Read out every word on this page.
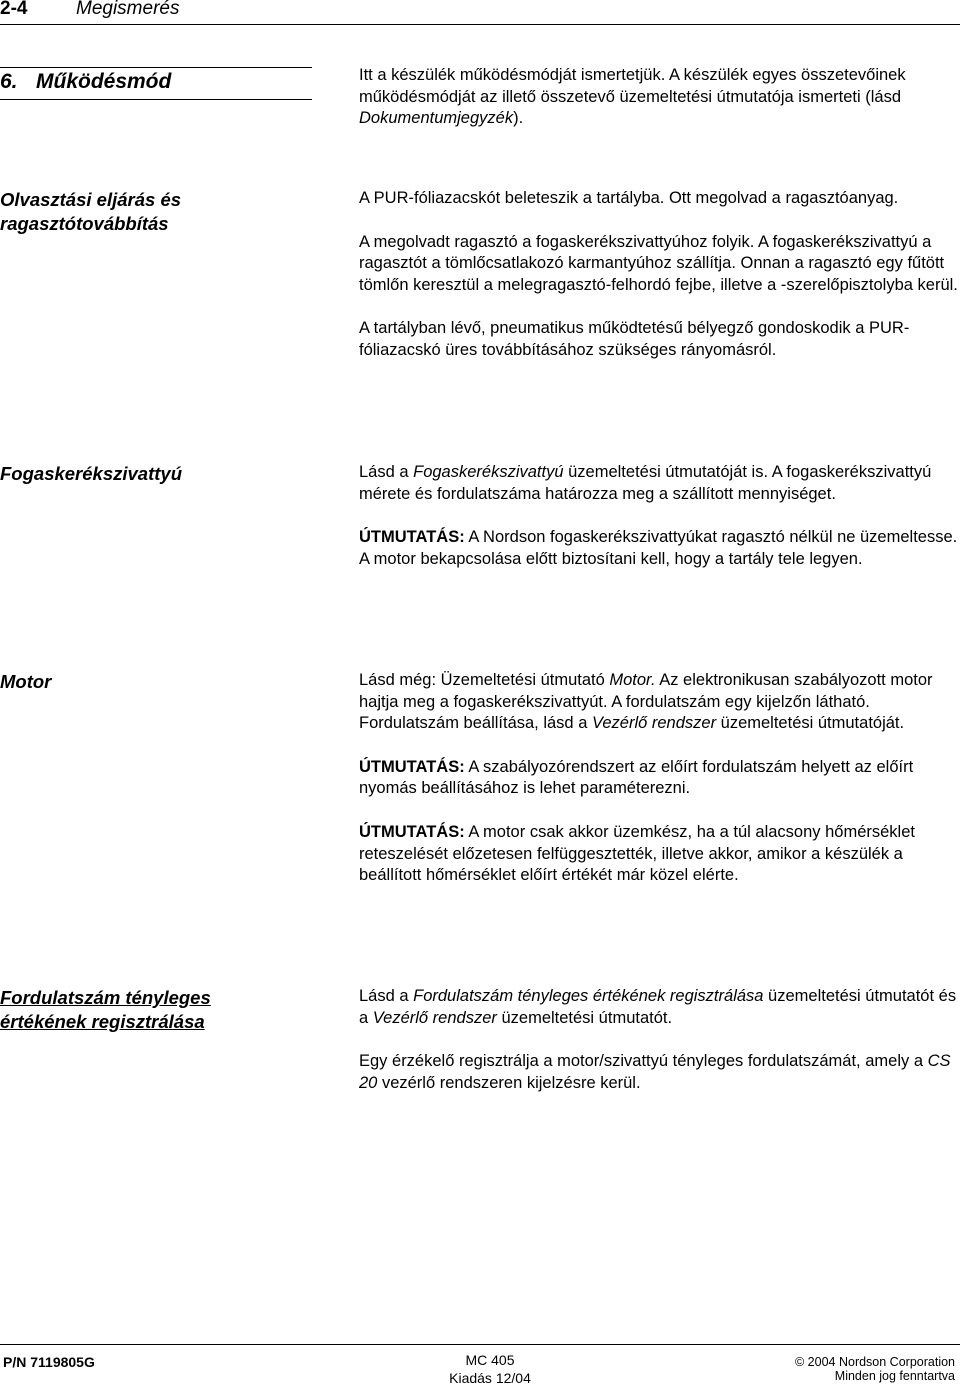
2-4	Megismerés
6. Működésmód	Itt a készülék működésmódját ismertetjük. A készülék egyes összetevőinek működésmódját az illető összetevő üzemeltetési útmutatója ismerteti (lásd Dokumentumjegyzék).

Olvasztási eljárás és
ragasztótovábbítás

A PUR-fóliazacskót beleteszik a tartályba. Ott megolvad a ragasztóanyag.

A megolvadt ragasztó a fogaskerékszivattyúhoz folyik. A fogaskerékszivattyú a ragasztót a tömlőcsatlakozó karmantyúhoz szállítja. Onnan a ragasztó egy fűtött tömlőn keresztül a melegragasztó-felhordó fejbe, illetve a -szerelőpisztolyba kerül.

A tartályban lévő, pneumatikus működtetésű bélyegző gondoskodik a PUR-fóliazacskó üres továbbításához szükséges rányomásról.

Fogaskerékszivattyú	Lásd a Fogaskerékszivattyú üzemeltetési útmutatóját is. A fogaskerékszivattyú mérete és fordulatszáma határozza meg a szállított mennyiséget.

ÚTMUTATÁS: A Nordson fogaskerékszivattyúkat ragasztó nélkül ne üzemeltesse. A motor bekapcsolása előtt biztosítani kell, hogy a tartály tele legyen.

Motor	Lásd még: Üzemeltetési útmutató Motor. Az elektronikusan szabályozott motor hajtja meg a fogaskerékszivattyút. A fordulatszám egy kijelzőn látható. Fordulatszám beállítása, lásd a Vezérlő rendszer üzemeltetési útmutatóját.

ÚTMUTATÁS: A szabályozórendszert az előírt fordulatszám helyett az előírt nyomás beállításához is lehet paraméterezni.

ÚTMUTATÁS: A motor csak akkor üzemkész, ha a túl alacsony hőmérséklet reteszelését előzetesen felfüggesztették, illetve akkor, amikor a készülék a beállított hőmérséklet előírt értékét már közel elérte.

Fordulatszám tényleges
értékének regisztrálása

Lásd a Fordulatszám tényleges értékének regisztrálása üzemeltetési útmutatót és a Vezérlő rendszer üzemeltetési útmutatót.

Egy érzékelő regisztrálja a motor/szivattyú tényleges fordulatszámát, amely a CS 20 vezérlő rendszeren kijelzésre kerül.

P/N 7119805G	MC 405
Kiadás 12/04
© 2004 Nordson Corporation
Minden jog fenntartva
